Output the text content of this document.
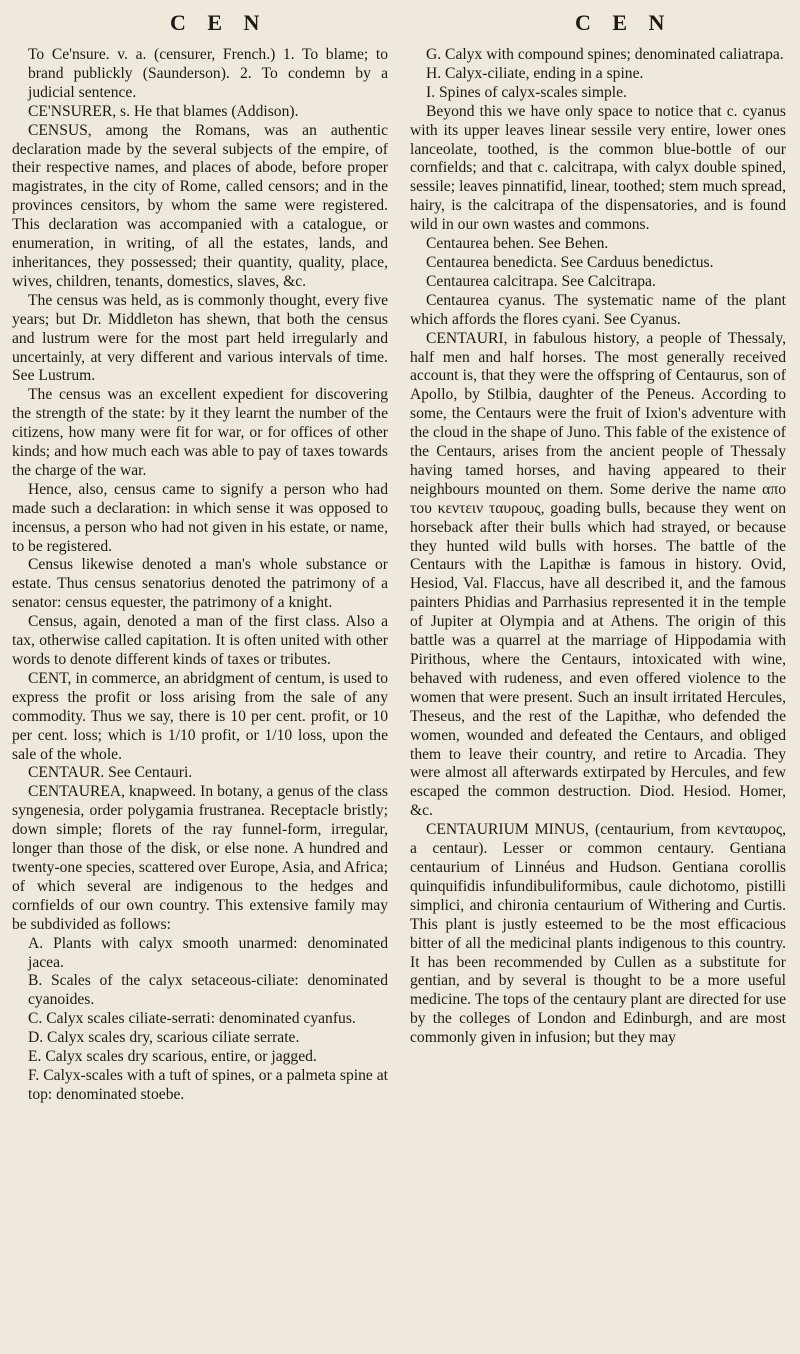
C E N	C E N

To Ce'nsure. v. a. (censurer, French.) 1. To blame; to brand publickly (Saunderson). 2. To condemn by a judicial sentence.

CE'NSURER, s. He that blames (Addison).

CENSUS, among the Romans, was an authentic declaration made by the several subjects of the empire, of their respective names, and places of abode, before proper magistrates, in the city of Rome, called censors; and in the provinces censitors, by whom the same were registered. This declaration was accompanied with a catalogue, or enumeration, in writing, of all the estates, lands, and inheritances, they possessed; their quantity, quality, place, wives, children, tenants, domestics, slaves, &c.

The census was held, as is commonly thought, every five years; but Dr. Middleton has shewn, that both the census and lustrum were for the most part held irregularly and uncertainly, at very different and various intervals of time. See Lustrum.

The census was an excellent expedient for discovering the strength of the state: by it they learnt the number of the citizens, how many were fit for war, or for offices of other kinds; and how much each was able to pay of taxes towards the charge of the war.

Hence, also, census came to signify a person who had made such a declaration: in which sense it was opposed to incensus, a person who had not given in his estate, or name, to be registered.

Census likewise denoted a man's whole substance or estate. Thus census senatorius denoted the patrimony of a senator: census equester, the patrimony of a knight.

Census, again, denoted a man of the first class. Also a tax, otherwise called capitation. It is often united with other words to denote different kinds of taxes or tributes.

CENT, in commerce, an abridgment of centum, is used to express the profit or loss arising from the sale of any commodity. Thus we say, there is 10 per cent. profit, or 10 per cent. loss; which is 1/10 profit, or 1/10 loss, upon the sale of the whole.

CENTAUR. See Centauri.

CENTAUREA, knapweed. In botany, a genus of the class syngenesia, order polygamia frustranea. Receptacle bristly; down simple; florets of the ray funnel-form, irregular, longer than those of the disk, or else none. A hundred and twenty-one species, scattered over Europe, Asia, and Africa; of which several are indigenous to the hedges and cornfields of our own country. This extensive family may be subdivided as follows:

A. Plants with calyx smooth unarmed: denominated jacea.

B. Scales of the calyx setaceous-ciliate: denominated cyanoides.

C. Calyx scales ciliate-serrati: denominated cyanfus.

D. Calyx scales dry, scarious ciliate serrate.

E. Calyx scales dry scarious, entire, or jagged.

F. Calyx-scales with a tuft of spines, or a palmeta spine at top: denominated stoebe.

G. Calyx with compound spines; denominated caliatrapa.

H. Calyx-ciliate, ending in a spine.

I. Spines of calyx-scales simple.

Beyond this we have only space to notice that c. cyanus with its upper leaves linear sessile very entire, lower ones lanceolate, toothed, is the common blue-bottle of our cornfields; and that c. calcitrapa, with calyx double spined, sessile; leaves pinnatifid, linear, toothed; stem much spread, hairy, is the calcitrapa of the dispensatories, and is found wild in our own wastes and commons.

Centaurea behen. See Behen.

Centaurea benedicta. See Carduus benedictus.

Centaurea calcitrapa. See Calcitrapa.

Centaurea cyanus. The systematic name of the plant which affords the flores cyani. See Cyanus.

CENTAURI, in fabulous history, a people of Thessaly, half men and half horses. The most generally received account is, that they were the offspring of Centaurus, son of Apollo, by Stilbia, daughter of the Peneus. According to some, the Centaurs were the fruit of Ixion's adventure with the cloud in the shape of Juno. This fable of the existence of the Centaurs, arises from the ancient people of Thessaly having tamed horses, and having appeared to their neighbours mounted on them. Some derive the name απο του κεντειν ταυρους, goading bulls, because they went on horseback after their bulls which had strayed, or because they hunted wild bulls with horses. The battle of the Centaurs with the Lapithæ is famous in history. Ovid, Hesiod, Val. Flaccus, have all described it, and the famous painters Phidias and Parrhasius represented it in the temple of Jupiter at Olympia and at Athens. The origin of this battle was a quarrel at the marriage of Hippodamia with Pirithous, where the Centaurs, intoxicated with wine, behaved with rudeness, and even offered violence to the women that were present. Such an insult irritated Hercules, Theseus, and the rest of the Lapithæ, who defended the women, wounded and defeated the Centaurs, and obliged them to leave their country, and retire to Arcadia. They were almost all afterwards extirpated by Hercules, and few escaped the common destruction. Diod. Hesiod. Homer, &c.

CENTAURIUM MINUS, (centaurium, from κενταυρος, a centaur). Lesser or common centaury. Gentiana centaurium of Linnéus and Hudson. Gentiana corollis quinquifidis infundibuliformibus, caule dichotomo, pistilli simplici, and chironia centaurium of Withering and Curtis. This plant is justly esteemed to be the most efficacious bitter of all the medicinal plants indigenous to this country. It has been recommended by Cullen as a substitute for gentian, and by several is thought to be a more useful medicine. The tops of the centaury plant are directed for use by the colleges of London and Edinburgh, and are most commonly given in infusion; but they may
